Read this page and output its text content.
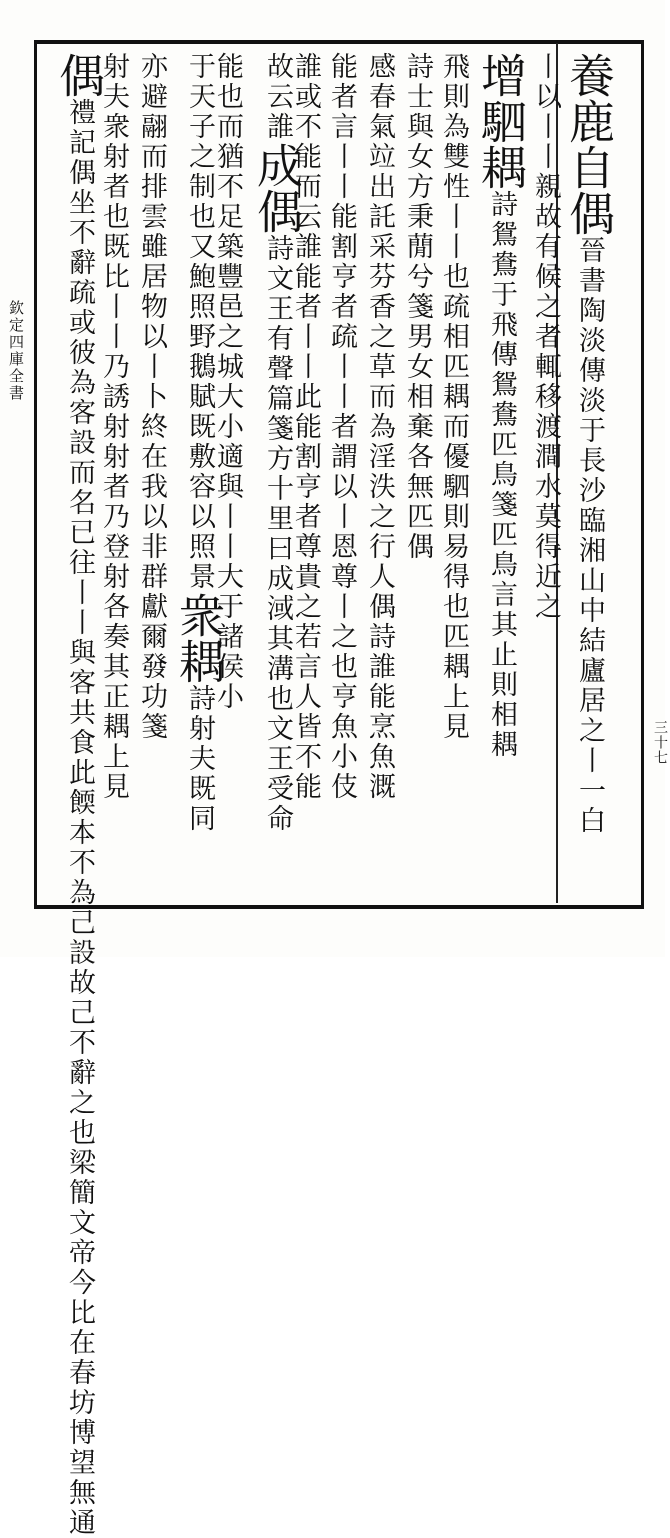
欽定四庫全書
三十七
養鹿自偶晉書陶淡傳淡于長沙臨湘山中結廬居之丨一白
丨以丨丨親故有候之者輒移渡澗水莫得近之
增駟耦詩鴛鴦于飛傳鴛鴦匹鳥箋匹鳥言其止則相耦
飛則為雙性丨丨也疏相匹耦而優駟則易得也匹耦上見
詩士與女方秉蕑兮箋男女相棄各無匹偶
感春氣竝出託采芬香之草而為淫泆之行人偶詩誰能烹魚溉
能者言丨丨能割亨者疏丨丨者謂以丨恩尊丨之也亨魚小伎
誰或不能而云誰能者丨丨此能割亨者尊貴之若言人皆不能
故云誰成偶詩文王有聲篇箋方十里曰成淢其溝也文王受命
能也而猶不足築豐邑之城大小適與丨丨大于諸侯小
于天子之制也又鮑照野鵝賦既敷容以照景衆耦詩射夫既同
亦避翮而排雲雖居物以丨卜終在我以非群獻爾發功箋
射夫衆射者也既比丨丨乃誘射射者乃登射各奏其正耦上見
偶禮記偶坐不辭疏或彼為客設而名已往丨丨與客共食此餪本不為己設故己不辭之也梁簡文帝今比在春坊博望無通
